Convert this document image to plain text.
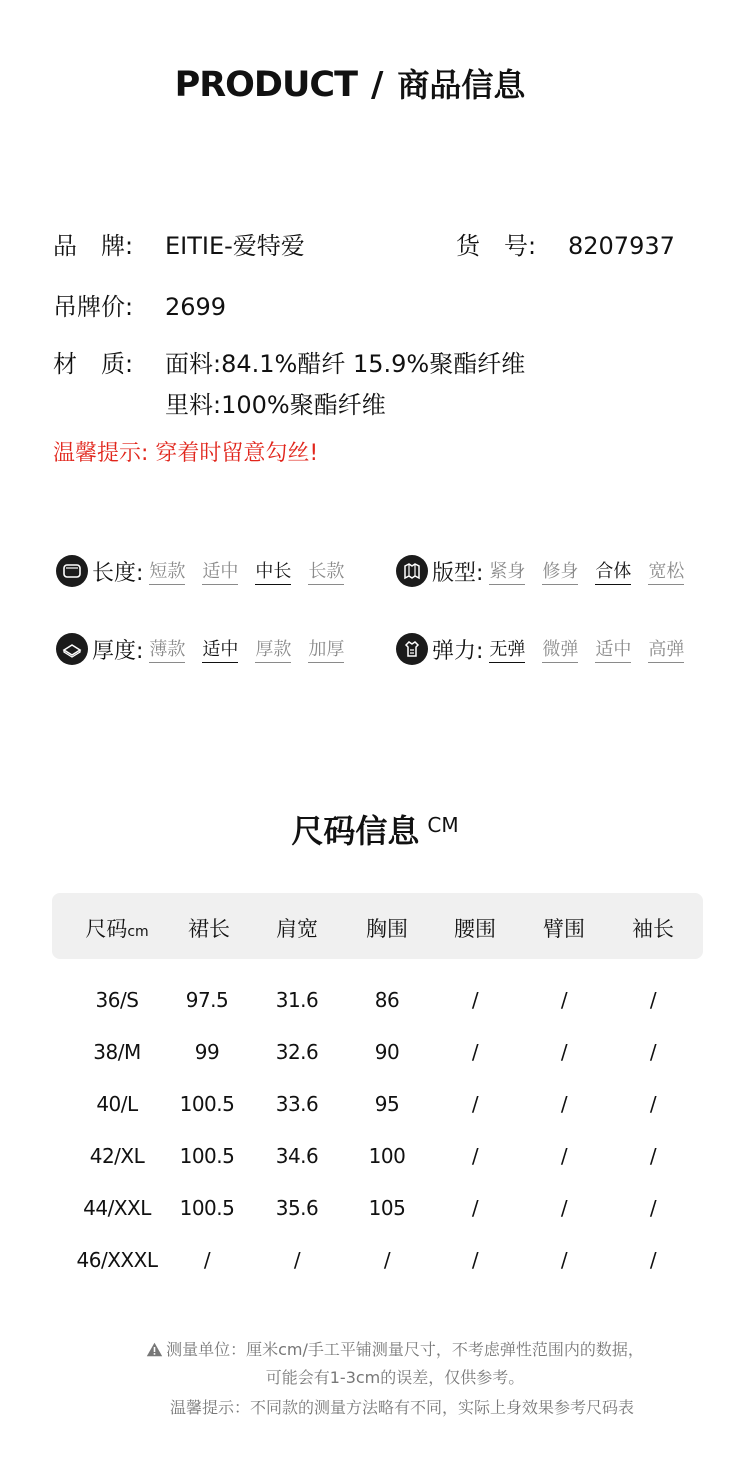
PRODUCT / 商品信息
品　牌: EITIE-爱特爱	货　号: 8207937
吊牌价: 2699
材　质: 面料:84.1%醋纤 15.9%聚酯纤维
里料:100%聚酯纤维
温馨提示: 穿着时留意勾丝!
长度: 短款 适中 中长 长款	版型: 紧身 修身 合体 宽松
厚度: 薄款 适中 厚款 加厚	弹力: 无弹 微弹 适中 高弹
尺码信息 CM
尺码cm	裙长	肩宽	胸围	腰围	臂围	袖长
36/S	97.5	31.6	86	/	/	/
38/M	99	32.6	90	/	/	/
40/L	100.5	33.6	95	/	/	/
42/XL	100.5	34.6	100	/	/	/
44/XXL	100.5	35.6	105	/	/	/
46/XXXL	/	/	/	/	/	/
测量单位：厘米cm/手工平铺测量尺寸，不考虑弹性范围内的数据，
可能会有1-3cm的误差，仅供参考。
温馨提示：不同款的测量方法略有不同，实际上身效果参考尺码表
